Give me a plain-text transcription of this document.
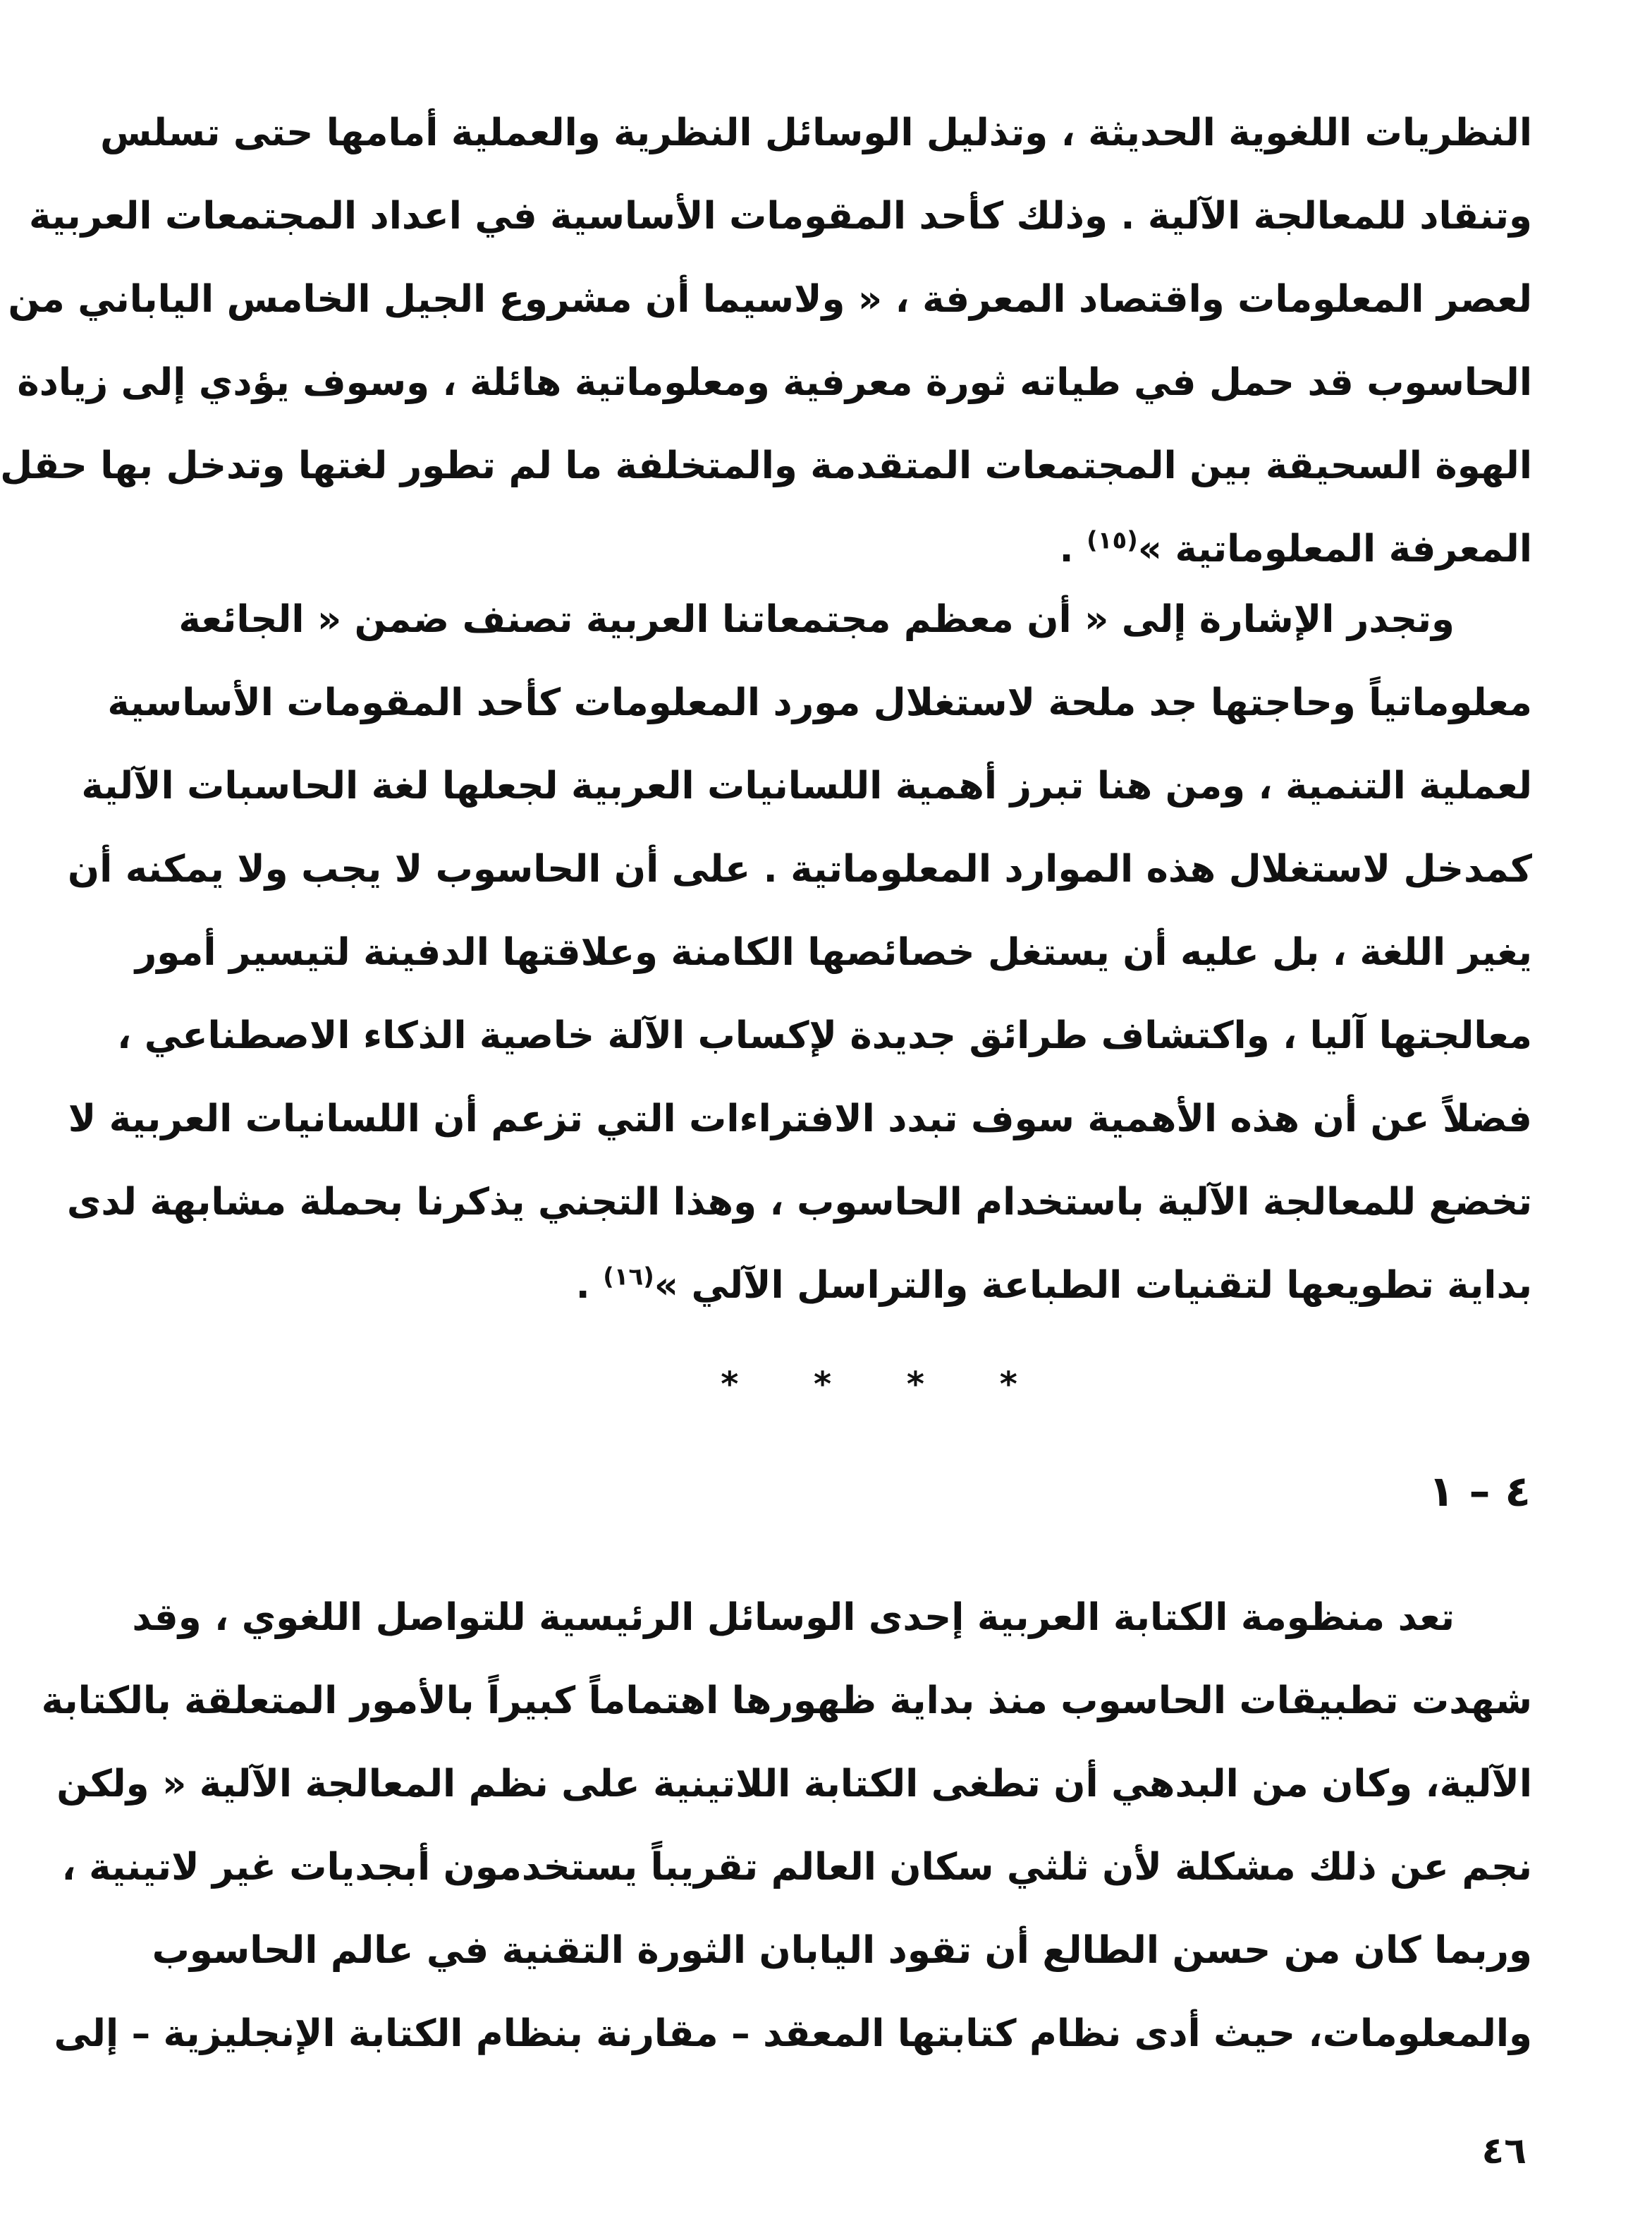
النظريات اللغوية الحديثة ، وتذليل الوسائل النظرية والعملية أمامها حتى تسلس
وتنقاد للمعالجة الآلية . وذلك كأحد المقومات الأساسية في اعداد المجتمعات العربية
لعصر المعلومات واقتصاد المعرفة ، « ولاسيما أن مشروع الجيل الخامس الياباني من
الحاسوب قد حمل في طياته ثورة معرفية ومعلوماتية هائلة ، وسوف يؤدي إلى زيادة
الهوة السحيقة بين المجتمعات المتقدمة والمتخلفة ما لم تطور لغتها وتدخل بها حقل
المعرفة المعلوماتية »$^{(١٥)}$ .
وتجدر الإشارة إلى « أن معظم مجتمعاتنا العربية تصنف ضمن « الجائعة
معلوماتياً وحاجتها جد ملحة لاستغلال مورد المعلومات كأحد المقومات الأساسية
لعملية التنمية ، ومن هنا تبرز أهمية اللسانيات العربية لجعلها لغة الحاسبات الآلية
كمدخل لاستغلال هذه الموارد المعلوماتية . على أن الحاسوب لا يجب ولا يمكنه أن
يغير اللغة ، بل عليه أن يستغل خصائصها الكامنة وعلاقتها الدفينة لتيسير أمور
معالجتها آليا ، واكتشاف طرائق جديدة لإكساب الآلة خاصية الذكاء الاصطناعي ،
فضلاً عن أن هذه الأهمية سوف تبدد الافتراءات التي تزعم أن اللسانيات العربية لا
تخضع للمعالجة الآلية باستخدام الحاسوب ، وهذا التجني يذكرنا بحملة مشابهة لدى
بداية تطويعها لتقنيات الطباعة والتراسل الآلي »$^{(١٦)}$ .
* * * *
٤ – ١
تعد منظومة الكتابة العربية إحدى الوسائل الرئيسية للتواصل اللغوي ، وقد
شهدت تطبيقات الحاسوب منذ بداية ظهورها اهتماماً كبيراً بالأمور المتعلقة بالكتابة
الآلية، وكان من البدهي أن تطغى الكتابة اللاتينية على نظم المعالجة الآلية « ولكن
نجم عن ذلك مشكلة لأن ثلثي سكان العالم تقريباً يستخدمون أبجديات غير لاتينية ،
وربما كان من حسن الطالع أن تقود اليابان الثورة التقنية في عالم الحاسوب
والمعلومات، حيث أدى نظام كتابتها المعقد – مقارنة بنظام الكتابة الإنجليزية – إلى
٤٦
